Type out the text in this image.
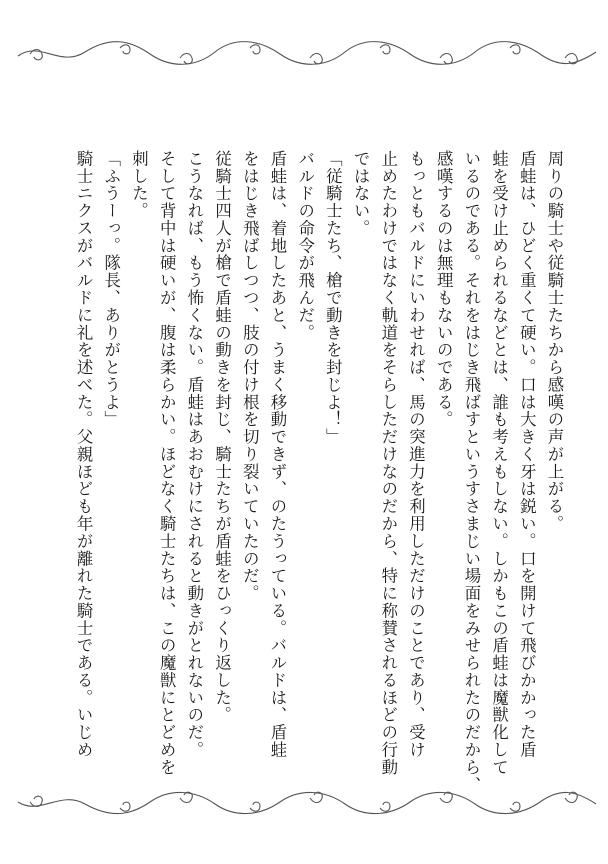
周りの騎士や従騎士たちから感嘆の声が上がる。
盾蛙は、ひどく重くて硬い。口は大きく牙は鋭い。口を開けて飛びかかった盾
蛙を受け止められるなどとは、誰も考えもしない。しかもこの盾蛙は魔獣化して
いるのである。それをはじき飛ばすというすさまじい場面をみせられたのだから、
感嘆するのは無理もないのである。
もっともバルドにいわせれば、馬の突進力を利用しただけのことであり、受け
止めたわけではなく軌道をそらしただけなのだから、特に称賛されるほどの行動
ではない。
「従騎士たち、槍で動きを封じよ！」
バルドの命令が飛んだ。
盾蛙は、着地したあと、うまく移動できず、のたうっている。バルドは、盾蛙
をはじき飛ばしつつ、肢の付け根を切り裂いていたのだ。
従騎士四人が槍で盾蛙の動きを封じ、騎士たちが盾蛙をひっくり返した。
こうなれば、もう怖くない。盾蛙はあおむけにされると動きがとれないのだ。
そして背中は硬いが、腹は柔らかい。ほどなく騎士たちは、この魔獣にとどめを
刺した。
「ふうーっ。隊長、ありがとうよ」
騎士ニクスがバルドに礼を述べた。父親ほども年が離れた騎士である。いじめ
